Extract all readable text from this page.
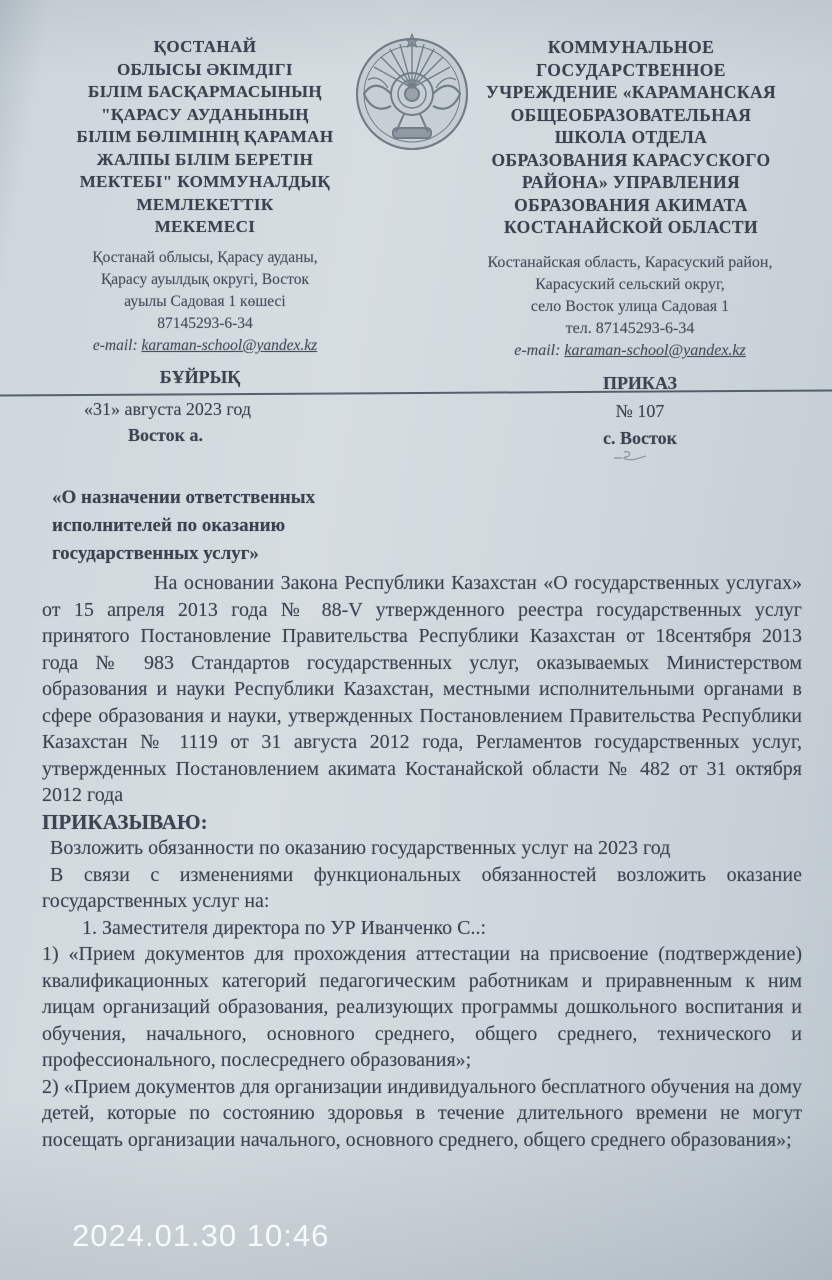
ҚОСТАНАЙ
ОБЛЫСЫ ӘКІМДІГІ
БІЛІМ БАСҚАРМАСЫНЫҢ
"ҚАРАСУ АУДАНЫНЫҢ
БІЛІМ БӨЛІМІНІҢ ҚАРАМАН
ЖАЛПЫ БІЛІМ БЕРЕТІН
МЕКТЕБІ" КОММУНАЛДЫҚ
МЕМЛЕКЕТТІК
МЕКЕМЕСІ
КОММУНАЛЬНОЕ
ГОСУДАРСТВЕННОЕ
УЧРЕЖДЕНИЕ «КАРАМАНСКАЯ
ОБЩЕОБРАЗОВАТЕЛЬНАЯ
ШКОЛА ОТДЕЛА
ОБРАЗОВАНИЯ КАРАСУСКОГО
РАЙОНА» УПРАВЛЕНИЯ
ОБРАЗОВАНИЯ АКИМАТА
КОСТАНАЙСКОЙ ОБЛАСТИ
Қостанай облысы, Қарасу ауданы,
Қарасу ауылдық округі, Восток
ауылы Садовая 1 көшесі
87145293-6-34
e-mail: karaman-school@yandex.kz
Костанайская область, Карасуский район,
Карасуский сельский округ,
село Восток улица Садовая 1
тел. 87145293-6-34
e-mail: karaman-school@yandex.kz
БҰЙРЫҚ
«31» августа 2023 год
Восток а.
ПРИКАЗ
№ 107
с. Восток
«О назначении ответственных
исполнителей по оказанию
государственных услуг»

На основании Закона Республики Казахстан «О государственных услугах» от 15 апреля 2013 года № 88-V утвержденного реестра государственных услуг принятого Постановление Правительства Республики Казахстан от 18сентября 2013 года № 983 Стандартов государственных услуг, оказываемых Министерством образования и науки Республики Казахстан, местными исполнительными органами в сфере образования и науки, утвержденных Постановлением Правительства Республики Казахстан № 1119 от 31 августа 2012 года, Регламентов государственных услуг, утвержденных Постановлением акимата Костанайской области № 482 от 31 октября 2012 года

ПРИКАЗЫВАЮ:

Возложить обязанности по оказанию государственных услуг на 2023 год

В связи с изменениями функциональных обязанностей возложить оказание государственных услуг на:

1. Заместителя директора по УР Иванченко С..:

1) «Прием документов для прохождения аттестации на присвоение (подтверждение) квалификационных категорий педагогическим работникам и приравненным к ним лицам организаций образования, реализующих программы дошкольного воспитания и обучения, начального, основного среднего, общего среднего, технического и профессионального, послесреднего образования»;

2) «Прием документов для организации индивидуального бесплатного обучения на дому детей, которые по состоянию здоровья в течение длительного времени не могут посещать организации начального, основного среднего, общего среднего образования»;

2024.01.30 10:46
